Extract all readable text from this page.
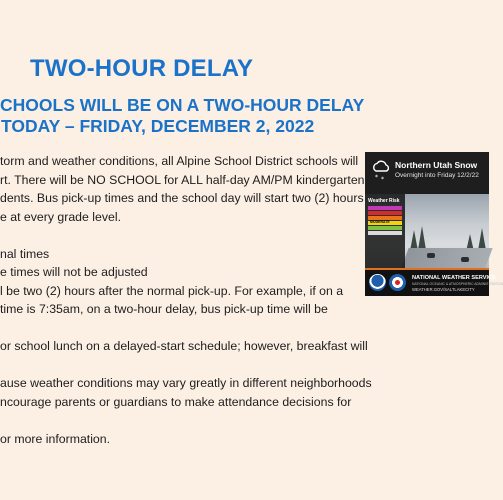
TWO-HOUR DELAY
CHOOLS WILL BE ON A TWO-HOUR DELAY
TODAY – FRIDAY, DECEMBER 2, 2022

torm and weather conditions, all Alpine School District schools will

rt. There will be NO SCHOOL for ALL half-day AM/PM kindergarten

dents. Bus pick-up times and the school day will start two (2) hours

e at every grade level.

nal times

e times will not be adjusted

l be two (2) hours after the normal pick-up. For example, if on a

time is 7:35am, on a two-hour delay, bus pick-up time will be

or school lunch on a delayed-start schedule; however, breakfast will

ause weather conditions may vary greatly in different neighborhoods

ncourage parents or guardians to make attendance decisions for

or more information.

* *
Northern Utah Snow
Overnight into Friday 12/2/22
Weather Risk
MODERATE
NATIONAL WEATHER SERVICE
NATIONAL OCEANIC & ATMOSPHERIC ADMINISTRATION
WEATHER.GOV/SALTLAKECITY
